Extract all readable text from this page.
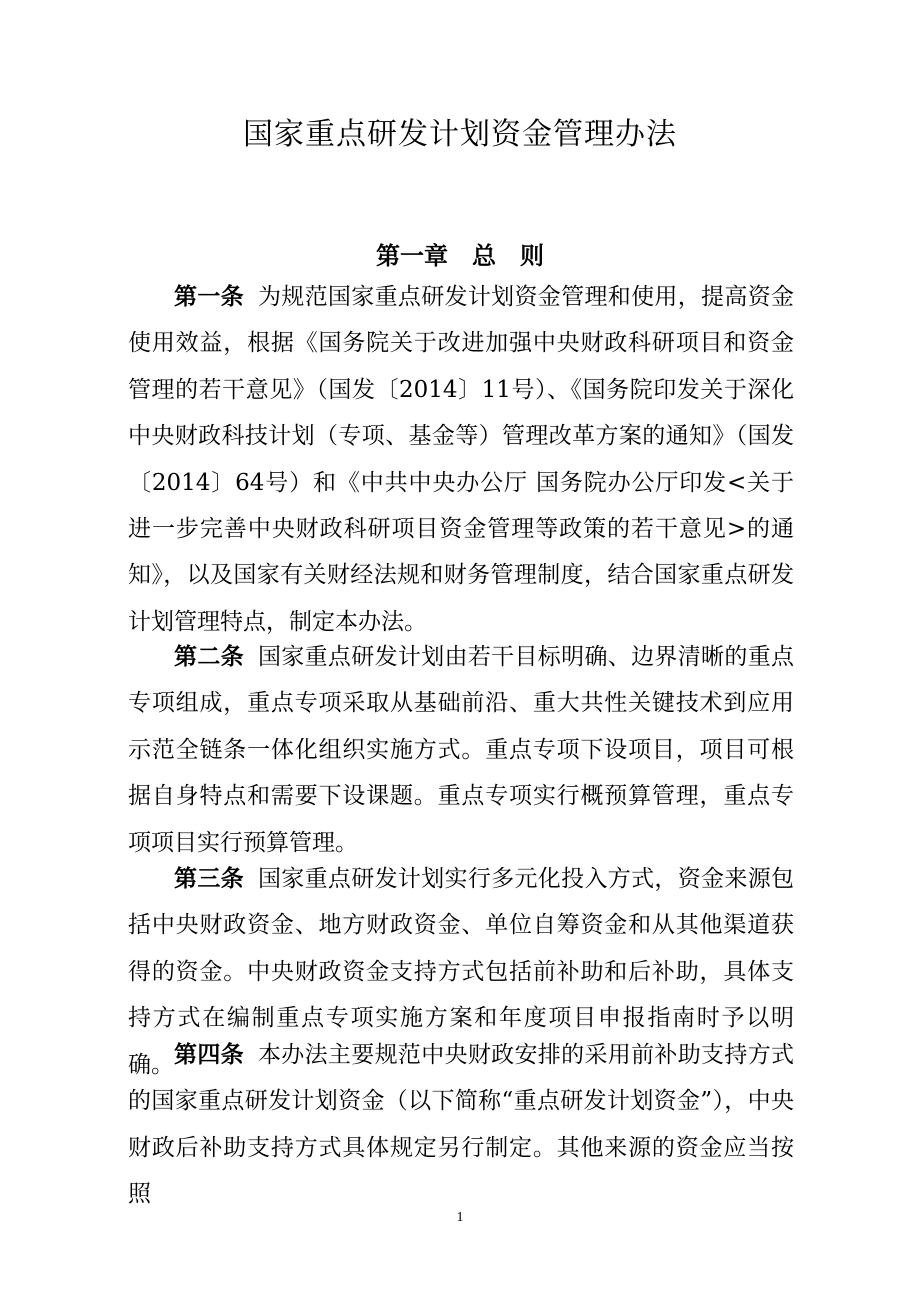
国家重点研发计划资金管理办法
第一章 总 则

第一条 为规范国家重点研发计划资金管理和使用，提高资金使用效益，根据《国务院关于改进加强中央财政科研项目和资金管理的若干意见》（国发〔2014〕11号）、《国务院印发关于深化中央财政科技计划（专项、基金等）管理改革方案的通知》（国发〔2014〕64号）和《中共中央办公厅 国务院办公厅印发<关于进一步完善中央财政科研项目资金管理等政策的若干意见>的通知》，以及国家有关财经法规和财务管理制度，结合国家重点研发计划管理特点，制定本办法。

第二条 国家重点研发计划由若干目标明确、边界清晰的重点专项组成，重点专项采取从基础前沿、重大共性关键技术到应用示范全链条一体化组织实施方式。重点专项下设项目，项目可根据自身特点和需要下设课题。重点专项实行概预算管理，重点专项项目实行预算管理。

第三条 国家重点研发计划实行多元化投入方式，资金来源包括中央财政资金、地方财政资金、单位自筹资金和从其他渠道获得的资金。中央财政资金支持方式包括前补助和后补助，具体支持方式在编制重点专项实施方案和年度项目申报指南时予以明确。 第四条 本办法主要规范中央财政安排的采用前补助支持方式的国家重点研发计划资金（以下简称“重点研发计划资金”），中央财政后补助支持方式具体规定另行制定。其他来源的资金应当按照

1
